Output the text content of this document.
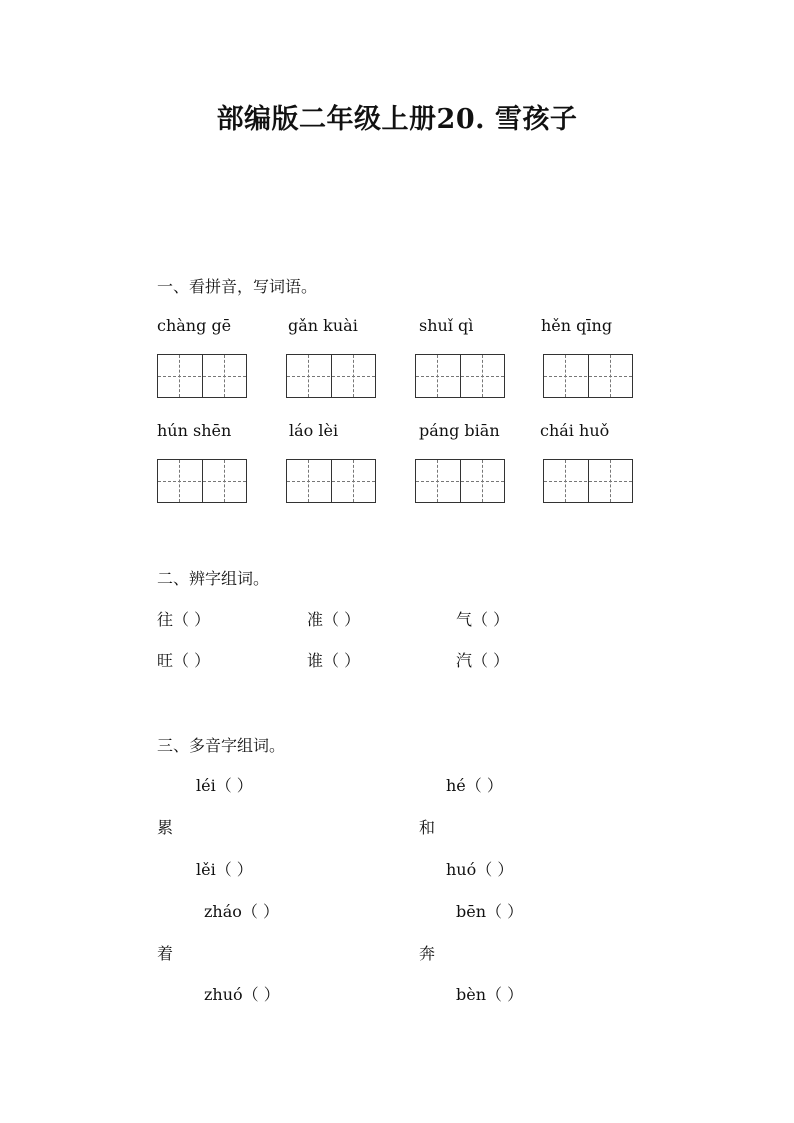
部编版二年级上册20. 雪孩子
一、看拼音，写词语。
chàng gē	gǎn kuài	shuǐ qì	hěn qīng
hún shēn	láo lèi	páng biān	chái huǒ
二、辨字组词。
往（ ）	准（ ）	气（ ）
旺（ ）	谁（ ）	汽（ ）
三、多音字组词。
léi（ ）	hé（ ）
累	和
lěi（ ）	huó（ ）
zháo（ ）	bēn（ ）
着	奔
zhuó（ ）	bèn（ ）
